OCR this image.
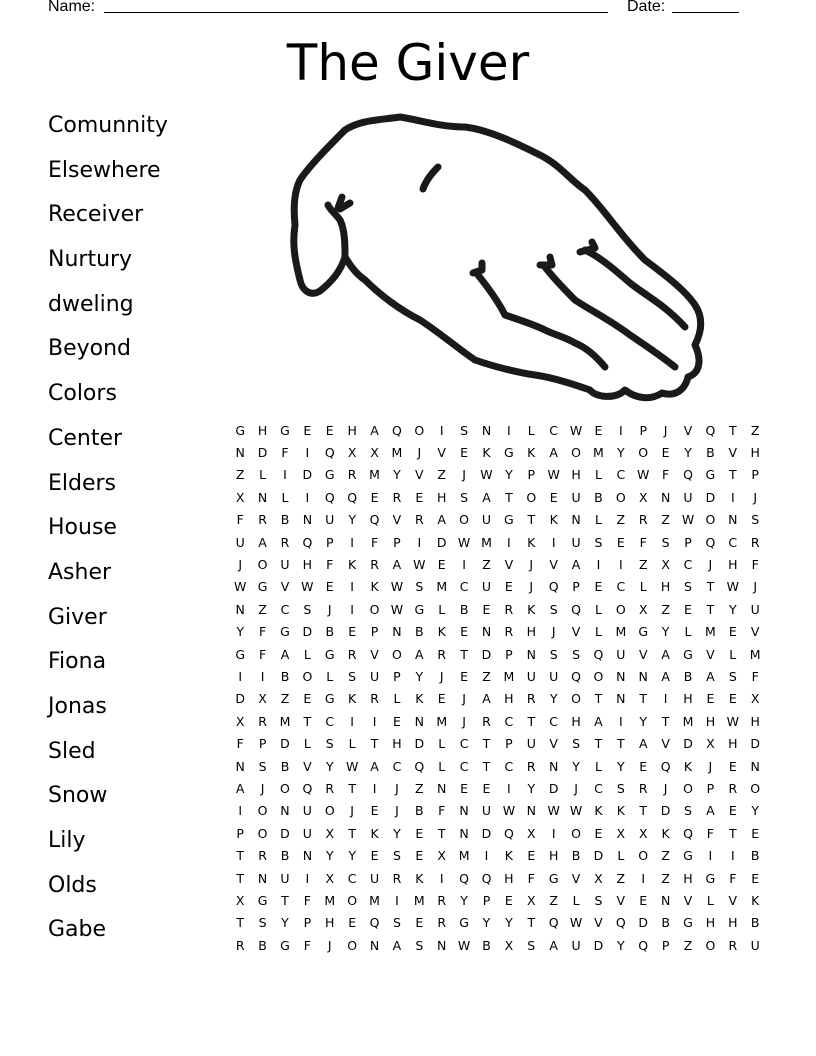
Name:	Date:
The Giver
Comunnity
Elsewhere
Receiver
Nurtury
dweling
Beyond
Colors
Center
Elders
House
Asher
Giver
Fiona
Jonas
Sled
Snow
Lily
Olds
Gabe
G	H	G	E	E	H	A	Q	O	I	S	N	I	L	C W E	I	P	J	V	Q	T	Z
N	D	F	I	Q	X	X	M	J	V	E	K	G	K	A	O M	Y	O	E	Y	B	V	H
Z	L	I	D	G	R	M	Y	V	Z	J	W Y	P W H	L	C W	F	Q	G	T	P
X	N	L	I	Q	Q	E	R	E	H	S	A	T	O	E	U	B	O	X	N	U	D	I	J
F	R	B	N	U	Y	Q	V	R	A	O	U	G	T	K	N	L	Z	R	Z W O	N	S
U	A	R	Q	P	I	F	P	I	D W M	I	K	I	U	S	E	F	S	P	Q	C	R
J	O	U	H	F	K	R	A W E	I	Z	V	J	V	A	I	I	Z	X	C	J	H	F
W G	V W E	I	K W S	M	C	U	E	J	Q	P	E	C	L	H	S	T W	J
N	Z	C	S	J	I	O W G	L	B	E	R	K	S	Q	L	O	X	Z	E	T	Y	U
Y	F	G	D	B	E	P	N	B	K	E	N	R	H	J	V	L	M G	Y	L	M	E	V
G	F	A	L	G	R	V	O	A	R	T	D	P	N	S	S	Q	U	V	A	G	V	L	M
I	I	B	O	L	S	U	P	Y	J	E	Z	M U	U	Q	O	N	N	A	B	A	S	F
D	X	Z	E	G	K	R	L	K	E	J	A	H	R	Y	O	T	N	T	I	H	E	E	X
X	R	M	T	C	I	I	E	N M	J	R	C	T	C	H	A	I	Y	T	M H W H
F	P	D	L	S	L	T	H	D	L	C	T	P	U	V	S	T	T	A	V	D	X	H	D
N	S	B	V	Y W A	C	Q	L	C	T	C	R	N	Y	L	Y	E	Q	K	J	E	N
A	J	O	Q	R	T	I	J	Z	N	E	E	I	Y	D	J	C	S	R	J	O	P	R	O
I	O	N	U	O	J	E	J	B	F	N	U W N W W K	K	T	D	S	A	E	Y
P	O	D	U	X	T	K	Y	E	T	N	D	Q	X	I	O	E	X	X	K	Q	F	T	E
T	R	B	N	Y	Y	E	S	E	X	M	I	K	E	H	B	D	L	O	Z	G	I	I	B
T	N	U	I	X	C	U	R	K	I	Q	Q	H	F	G	V	X	Z	I	Z	H	G	F	E
X	G	T	F	M O M	I	M	R	Y	P	E	X	Z	L	S	V	E	N	V	L	V	K
T	S	Y	P	H	E	Q	S	E	R	G	Y	Y	T	Q W V	Q	D	B	G	H	H	B
R	B	G	F	J	O	N	A	S	N W B	X	S	A	U	D	Y	Q	P	Z	O	R	U
